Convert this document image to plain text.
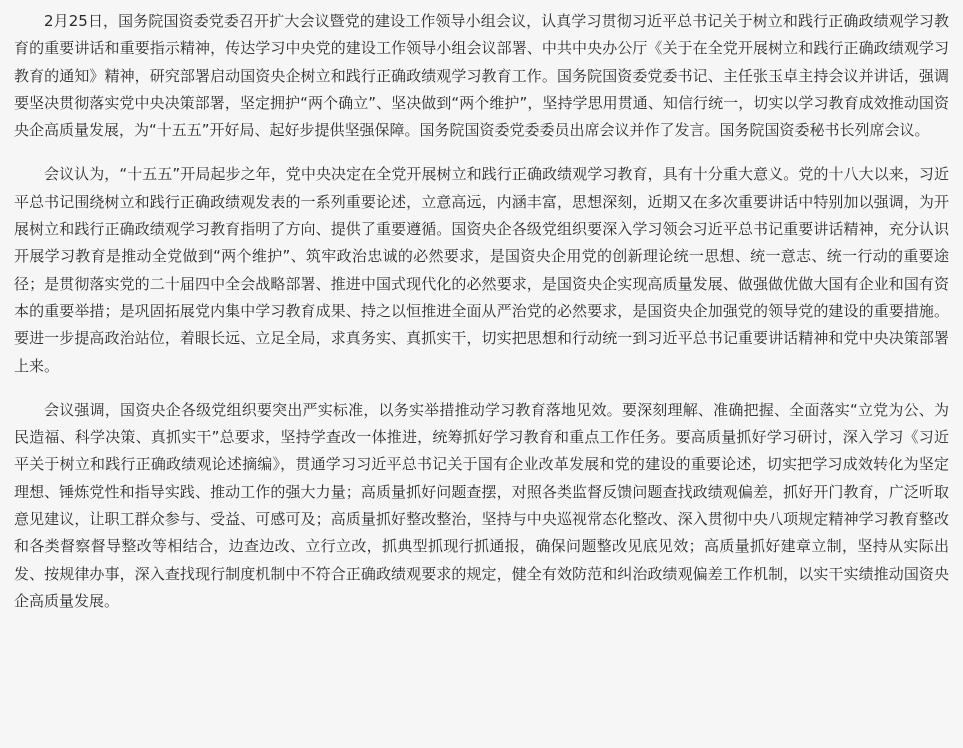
2月25日，国务院国资委党委召开扩大会议暨党的建设工作领导小组会议，认真学习贯彻习近平总书记关于树立和践行正确政绩观学习教育的重要讲话和重要指示精神，传达学习中央党的建设工作领导小组会议部署、中共中央办公厅《关于在全党开展树立和践行正确政绩观学习教育的通知》精神，研究部署启动国资央企树立和践行正确政绩观学习教育工作。国务院国资委党委书记、主任张玉卓主持会议并讲话，强调要坚决贯彻落实党中央决策部署，坚定拥护“两个确立”、坚决做到“两个维护”，坚持学思用贯通、知信行统一，切实以学习教育成效推动国资央企高质量发展，为“十五五”开好局、起好步提供坚强保障。国务院国资委党委委员出席会议并作了发言。国务院国资委秘书长列席会议。

会议认为，“十五五”开局起步之年，党中央决定在全党开展树立和践行正确政绩观学习教育，具有十分重大意义。党的十八大以来，习近平总书记围绕树立和践行正确政绩观发表的一系列重要论述，立意高远，内涵丰富，思想深刻，近期又在多次重要讲话中特别加以强调，为开展树立和践行正确政绩观学习教育指明了方向、提供了重要遵循。国资央企各级党组织要深入学习领会习近平总书记重要讲话精神，充分认识开展学习教育是推动全党做到“两个维护”、筑牢政治忠诚的必然要求，是国资央企用党的创新理论统一思想、统一意志、统一行动的重要途径；是贯彻落实党的二十届四中全会战略部署、推进中国式现代化的必然要求，是国资央企实现高质量发展、做强做优做大国有企业和国有资本的重要举措；是巩固拓展党内集中学习教育成果、持之以恒推进全面从严治党的必然要求，是国资央企加强党的领导党的建设的重要措施。要进一步提高政治站位，着眼长远、立足全局，求真务实、真抓实干，切实把思想和行动统一到习近平总书记重要讲话精神和党中央决策部署上来。

会议强调，国资央企各级党组织要突出严实标准，以务实举措推动学习教育落地见效。要深刻理解、准确把握、全面落实“立党为公、为民造福、科学决策、真抓实干”总要求，坚持学查改一体推进，统筹抓好学习教育和重点工作任务。要高质量抓好学习研讨，深入学习《习近平关于树立和践行正确政绩观论述摘编》，贯通学习习近平总书记关于国有企业改革发展和党的建设的重要论述，切实把学习成效转化为坚定理想、锤炼党性和指导实践、推动工作的强大力量；高质量抓好问题查摆，对照各类监督反馈问题查找政绩观偏差，抓好开门教育，广泛听取意见建议，让职工群众参与、受益、可感可及；高质量抓好整改整治，坚持与中央巡视常态化整改、深入贯彻中央八项规定精神学习教育整改和各类督察督导整改等相结合，边查边改、立行立改，抓典型抓现行抓通报，确保问题整改见底见效；高质量抓好建章立制，坚持从实际出发、按规律办事，深入查找现行制度机制中不符合正确政绩观要求的规定，健全有效防范和纠治政绩观偏差工作机制，以实干实绩推动国资央企高质量发展。
